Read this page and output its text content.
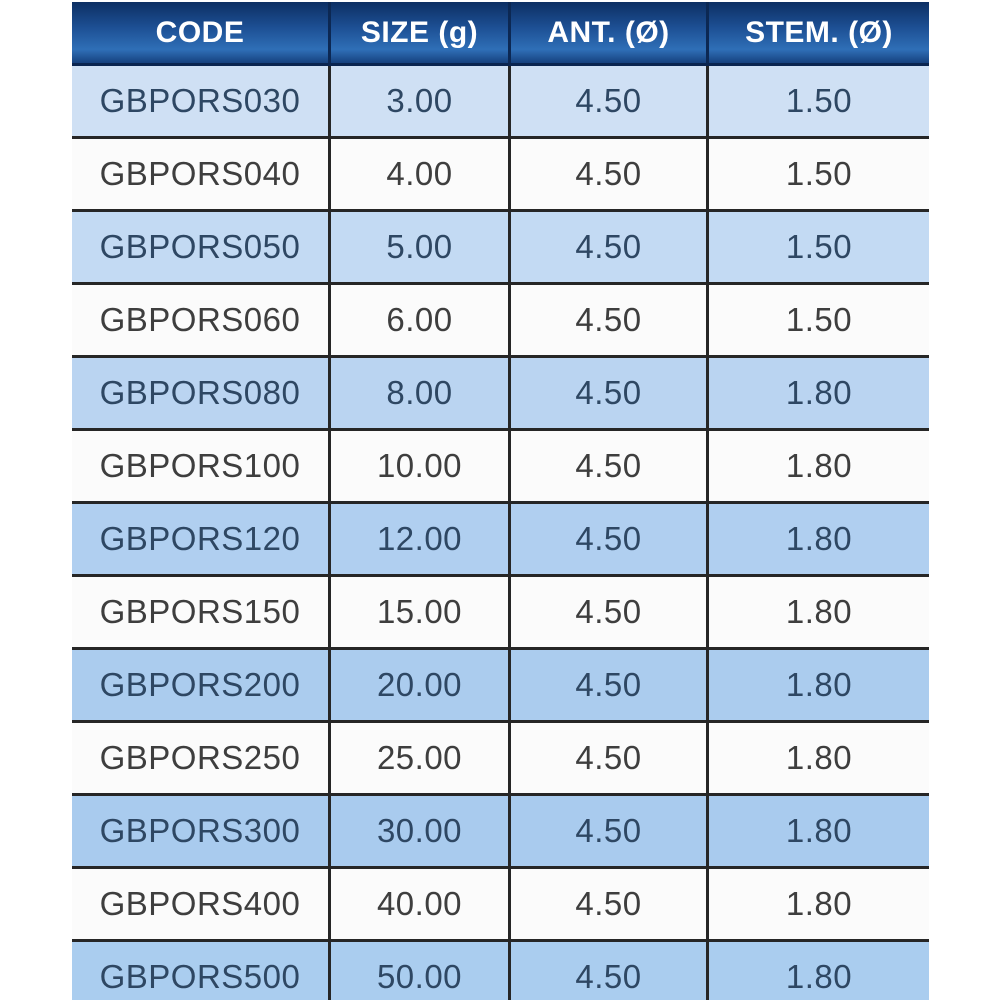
CODE	SIZE (g)	ANT. (Ø)	STEM. (Ø)
GBPORS030	3.00	4.50	1.50
GBPORS040	4.00	4.50	1.50
GBPORS050	5.00	4.50	1.50
GBPORS060	6.00	4.50	1.50
GBPORS080	8.00	4.50	1.80
GBPORS100	10.00	4.50	1.80
GBPORS120	12.00	4.50	1.80
GBPORS150	15.00	4.50	1.80
GBPORS200	20.00	4.50	1.80
GBPORS250	25.00	4.50	1.80
GBPORS300	30.00	4.50	1.80
GBPORS400	40.00	4.50	1.80
GBPORS500	50.00	4.50	1.80
